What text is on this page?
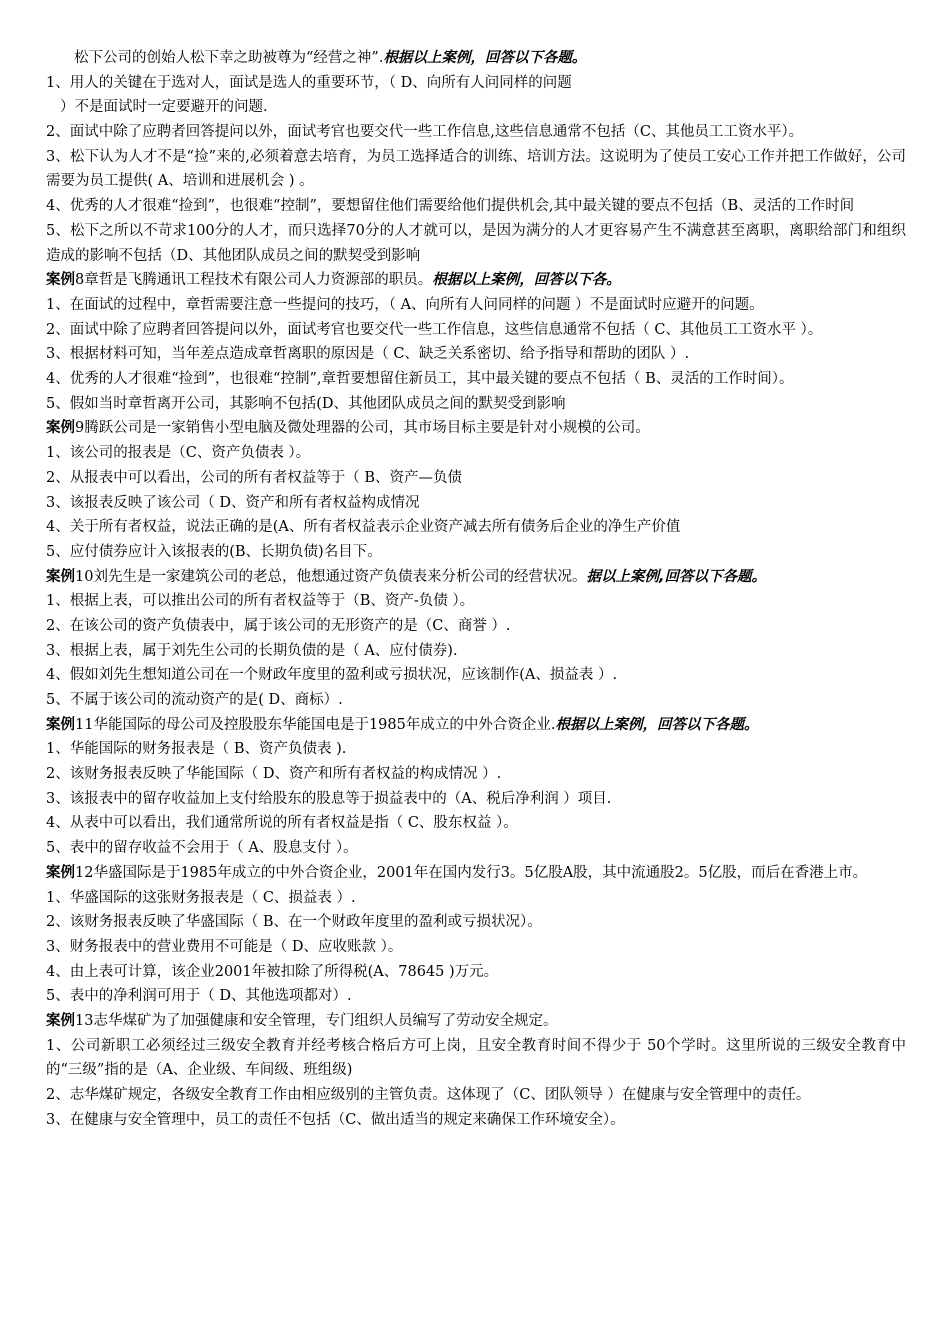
松下公司的创始人松下幸之助被尊为“经营之神”.根据以上案例，回答以下各题。
1、用人的关键在于选对人，面试是选人的重要环节，（ D、向所有人问同样的问题
）不是面试时一定要避开的问题.
2、面试中除了应聘者回答提问以外，面试考官也要交代一些工作信息,这些信息通常不包括（C、其他员工工资水平）。
3、松下认为人才不是“捡”来的,必须着意去培育，为员工选择适合的训练、培训方法。这说明为了使员工安心工作并把工作做好，公司需要为员工提供( A、培训和进展机会 ) 。
4、优秀的人才很难“捡到”，也很难“控制”，要想留住他们需要给他们提供机会,其中最关键的要点不包括（B、灵活的工作时间
5、松下之所以不苛求100分的人才，而只选择70分的人才就可以，是因为满分的人才更容易产生不满意甚至离职，离职给部门和组织造成的影响不包括（D、其他团队成员之间的默契受到影响
案例8章哲是飞腾通讯工程技术有限公司人力资源部的职员。根据以上案例，回答以下各。
1、在面试的过程中，章哲需要注意一些提问的技巧，（ A、向所有人问同样的问题 ）不是面试时应避开的问题。
2、面试中除了应聘者回答提问以外，面试考官也要交代一些工作信息，这些信息通常不包括（ C、其他员工工资水平 ）。
3、根据材料可知，当年差点造成章哲离职的原因是（ C、缺乏关系密切、给予指导和帮助的团队 ）.
4、优秀的人才很难“捡到”，也很难“控制”,章哲要想留住新员工，其中最关键的要点不包括（ B、灵活的工作时间）。
5、假如当时章哲离开公司，其影响不包括(D、其他团队成员之间的默契受到影响
案例9腾跃公司是一家销售小型电脑及微处理器的公司，其市场目标主要是针对小规模的公司。
1、该公司的报表是（C、资产负债表 ）。
2、从报表中可以看出，公司的所有者权益等于（ B、资产—负债
3、该报表反映了该公司（ D、资产和所有者权益构成情况
4、关于所有者权益，说法正确的是(A、所有者权益表示企业资产减去所有债务后企业的净生产价值
5、应付债券应计入该报表的(B、长期负债)名目下。
案例10刘先生是一家建筑公司的老总，他想通过资产负债表来分析公司的经营状况。据以上案例,回答以下各题。
1、根据上表，可以推出公司的所有者权益等于（B、资产-负债 ）。
2、在该公司的资产负债表中，属于该公司的无形资产的是（C、商誉 ）.
3、根据上表，属于刘先生公司的长期负债的是（ A、应付债券).
4、假如刘先生想知道公司在一个财政年度里的盈利或亏损状况，应该制作(A、损益表 ）.
5、不属于该公司的流动资产的是( D、商标）.
案例11华能国际的母公司及控股股东华能国电是于1985年成立的中外合资企业.根据以上案例，回答以下各题。
1、华能国际的财务报表是（ B、资产负债表 ).
2、该财务报表反映了华能国际（ D、资产和所有者权益的构成情况 ）.
3、该报表中的留存收益加上支付给股东的股息等于损益表中的（A、税后净利润 ）项目.
4、从表中可以看出，我们通常所说的所有者权益是指（ C、股东权益 ）。
5、表中的留存收益不会用于（ A、股息支付 ）。
案例12华盛国际是于1985年成立的中外合资企业，2001年在国内发行3。5亿股A股，其中流通股2。5亿股，而后在香港上市。
1、华盛国际的这张财务报表是（ C、损益表 ）.
2、该财务报表反映了华盛国际（ B、在一个财政年度里的盈利或亏损状况）。
3、财务报表中的营业费用不可能是（ D、应收账款 ）。
4、由上表可计算，该企业2001年被扣除了所得税(A、78645 )万元。
5、表中的净利润可用于（ D、其他选项都对）.
案例13志华煤矿为了加强健康和安全管理，专门组织人员编写了劳动安全规定。
1、公司新职工必须经过三级安全教育并经考核合格后方可上岗，且安全教育时间不得少于 50个学时。这里所说的三级安全教育中的“三级”指的是（A、企业级、车间级、班组级)
2、志华煤矿规定，各级安全教育工作由相应级别的主管负责。这体现了（C、团队领导 ）在健康与安全管理中的责任。
3、在健康与安全管理中，员工的责任不包括（C、做出适当的规定来确保工作环境安全）。
